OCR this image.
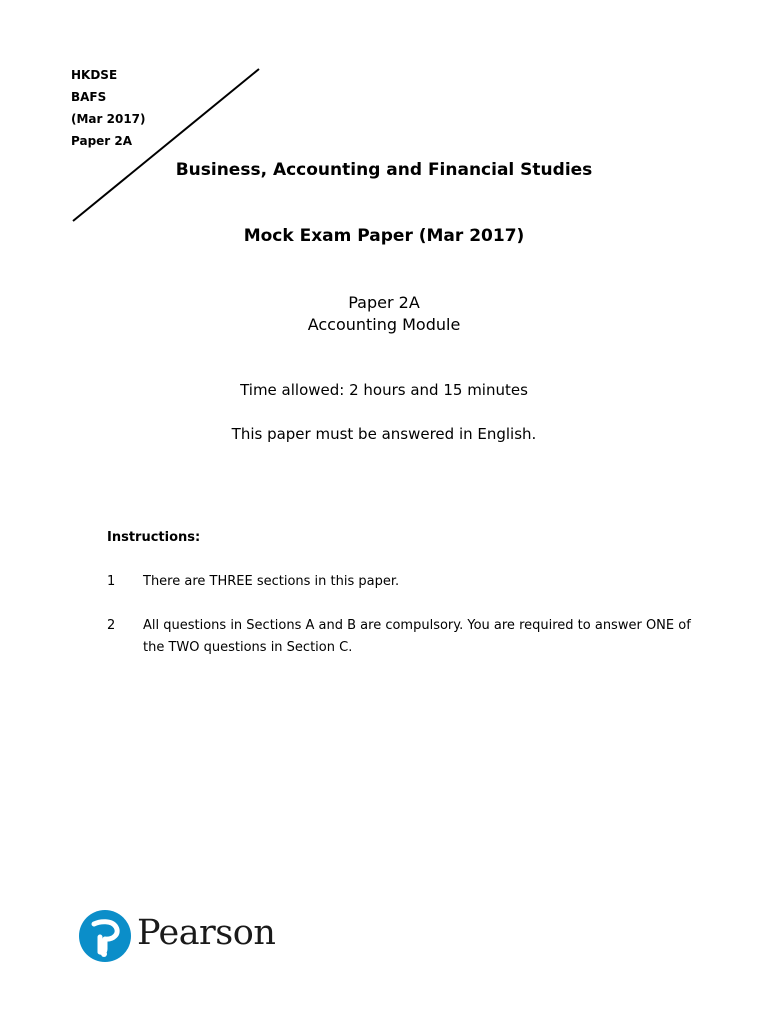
HKDSE
BAFS
(Mar 2017)
Paper 2A
Business, Accounting and Financial Studies
Mock Exam Paper (Mar 2017)
Paper 2A
Accounting Module
Time allowed: 2 hours and 15 minutes
This paper must be answered in English.
Instructions:
1 There are THREE sections in this paper.
2 All questions in Sections A and B are compulsory. You are required to answer ONE of the TWO questions in Section C.
Pearson
